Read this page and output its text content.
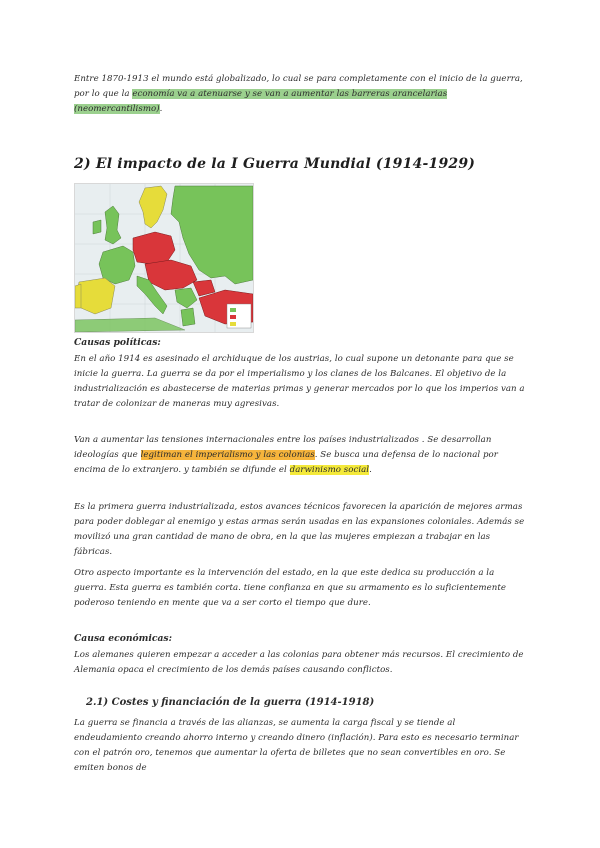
Entre 1870-1913 el mundo está globalizado, lo cual se para completamente con el inicio de la guerra, por lo que la economía va a atenuarse y se van a aumentar las barreras arancelarias (neomercantilismo).

2) El impacto de la I Guerra Mundial (1914-1929)
Causas políticas:

En el año 1914 es asesinado el archiduque de los austrias, lo cual supone un detonante para que se inicie la guerra. La guerra se da por el imperialismo y los clanes de los Balcanes. El objetivo de la industrialización es abastecerse de materias primas y generar mercados por lo que los imperios van a tratar de colonizar de maneras muy agresivas.

Van a aumentar las tensiones internacionales entre los países industrializados . Se desarrollan ideologías que legitiman el imperialismo y las colonias. Se busca una defensa de lo nacional por encima de lo extranjero. y también se difunde el darwinismo social.

Es la primera guerra industrializada, estos avances técnicos favorecen la aparición de mejores armas para poder doblegar al enemigo y estas armas serán usadas en las expansiones coloniales. Además se movilizó una gran cantidad de mano de obra, en la que las mujeres empiezan a trabajar en las fábricas.

Otro aspecto importante es la intervención del estado, en la que este dedica su producción a la guerra. Esta guerra es también corta. tiene confianza en que su armamento es lo suficientemente poderoso teniendo en mente que va a ser corto el tiempo que dure.

Causa económicas:

Los alemanes quieren empezar a acceder a las colonias para obtener más recursos. El crecimiento de Alemania opaca el crecimiento de los demás países causando conflictos.

2.1) Costes y financiación de la guerra (1914-1918)

La guerra se financia a través de las alianzas, se aumenta la carga fiscal y se tiende al endeudamiento creando ahorro interno y creando dinero (inflación). Para esto es necesario terminar con el patrón oro, tenemos que aumentar la oferta de billetes que no sean convertibles en oro. Se emiten bonos de
